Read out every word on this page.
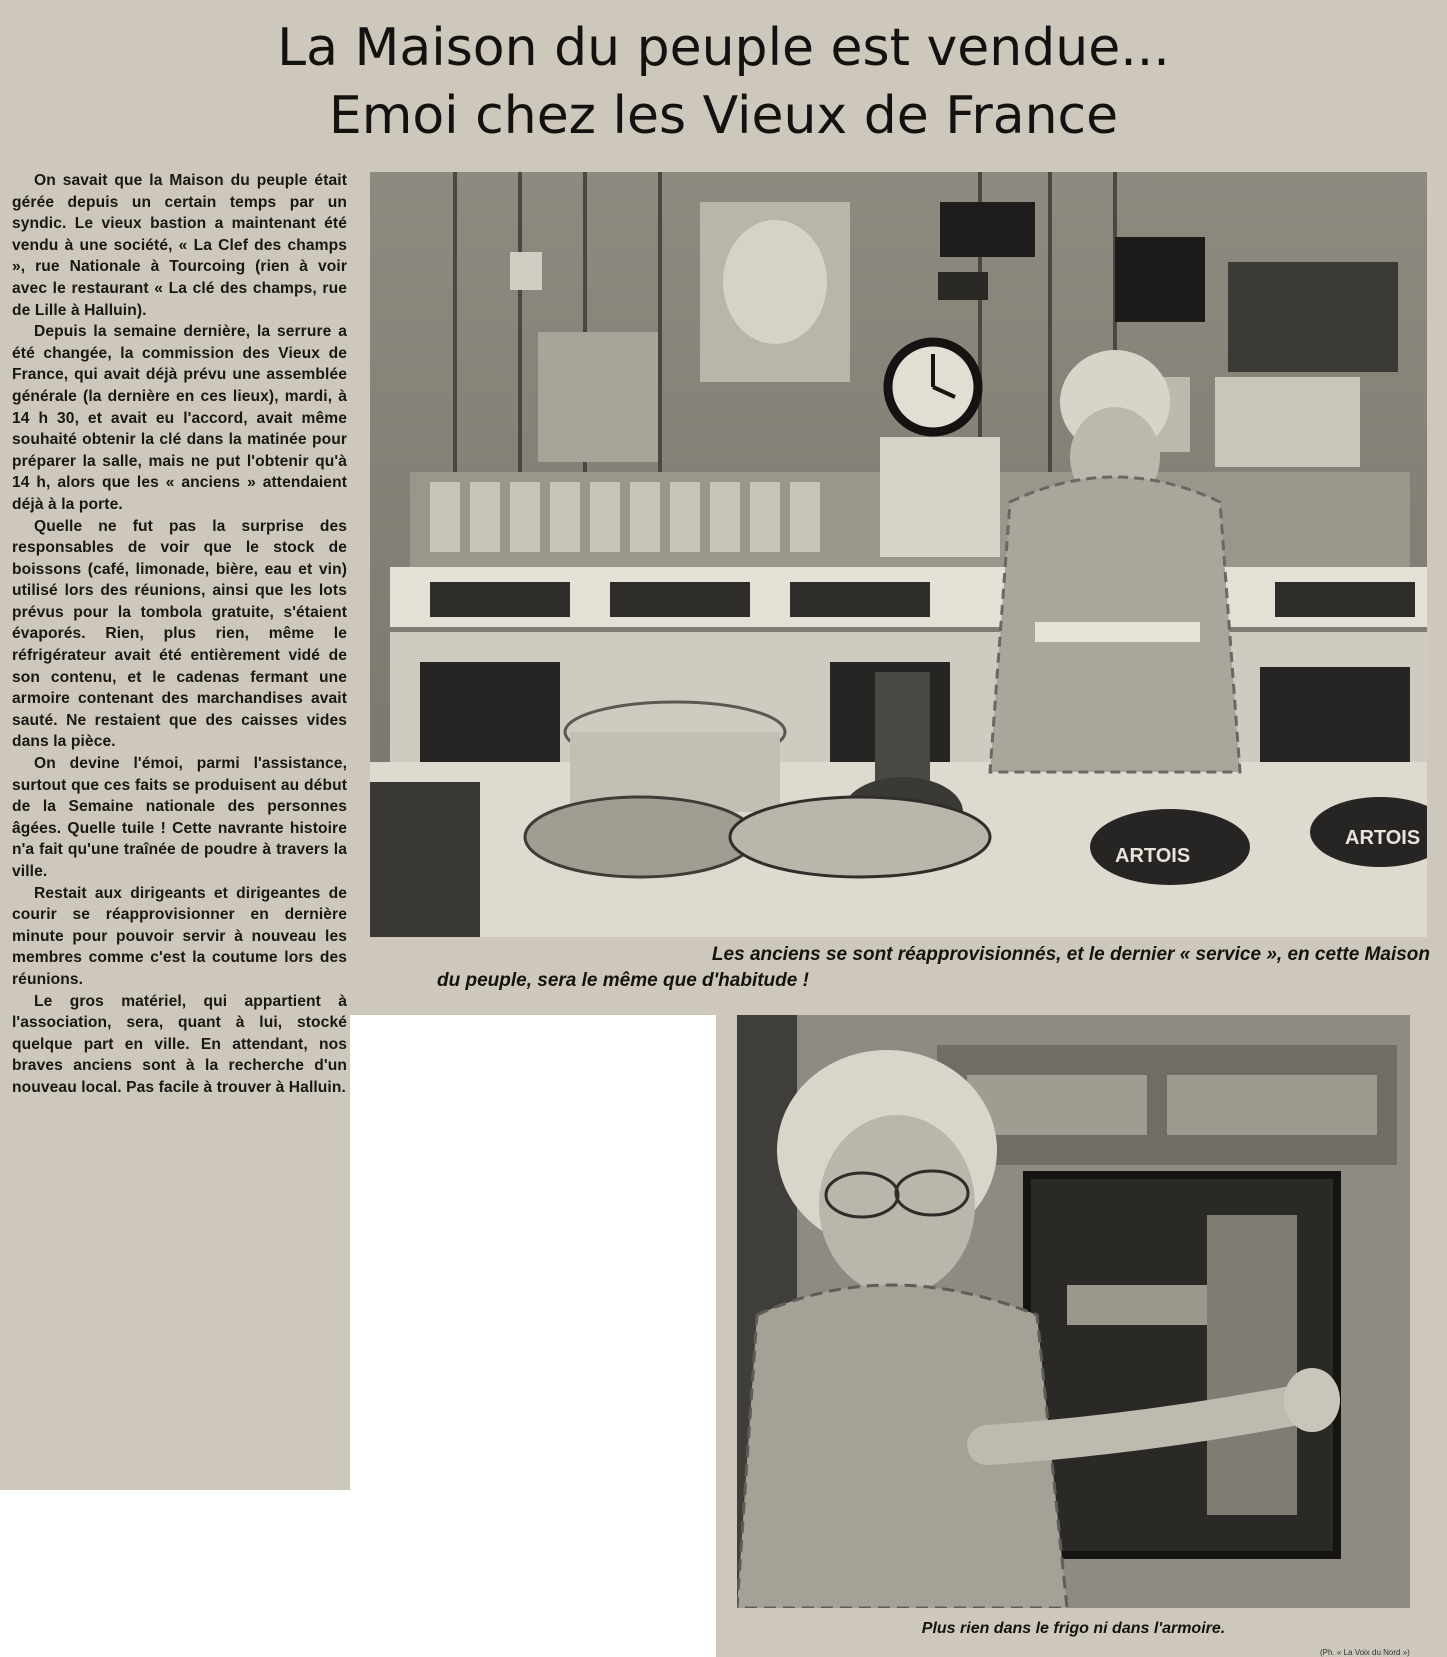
La Maison du peuple est vendue...
Emoi chez les Vieux de France

On savait que la Maison du peuple était gérée depuis un certain temps par un syndic. Le vieux bastion a maintenant été vendu à une société, « La Clef des champs », rue Nationale à Tourcoing (rien à voir avec le restaurant « La clé des champs, rue de Lille à Halluin).

Depuis la semaine dernière, la serrure a été changée, la commission des Vieux de France, qui avait déjà prévu une assemblée générale (la dernière en ces lieux), mardi, à 14 h 30, et avait eu l'accord, avait même souhaité obtenir la clé dans la matinée pour préparer la salle, mais ne put l'obtenir qu'à 14 h, alors que les « anciens » attendaient déjà à la porte.

Quelle ne fut pas la surprise des responsables de voir que le stock de boissons (café, limonade, bière, eau et vin) utilisé lors des réunions, ainsi que les lots prévus pour la tombola gratuite, s'étaient évaporés. Rien, plus rien, même le réfrigérateur avait été entièrement vidé de son contenu, et le cadenas fermant une armoire contenant des marchandises avait sauté. Ne restaient que des caisses vides dans la pièce.

On devine l'émoi, parmi l'assistance, surtout que ces faits se produisent au début de la Semaine nationale des personnes âgées. Quelle tuile ! Cette navrante histoire n'a fait qu'une traînée de poudre à travers la ville.

Restait aux dirigeants et dirigeantes de courir se réapprovisionner en dernière minute pour pouvoir servir à nouveau les membres comme c'est la coutume lors des réunions.

Le gros matériel, qui appartient à l'association, sera, quant à lui, stocké quelque part en ville. En attendant, nos braves anciens sont à la recherche d'un nouveau local. Pas facile à trouver à Halluin.

ARTOIS
ARTOIS
Les anciens se sont réapprovisionnés, et le dernier « service », en cette Maison
du peuple, sera le même que d'habitude !
Plus rien dans le frigo ni dans l'armoire.
(Ph. « La Voix du Nord »)
